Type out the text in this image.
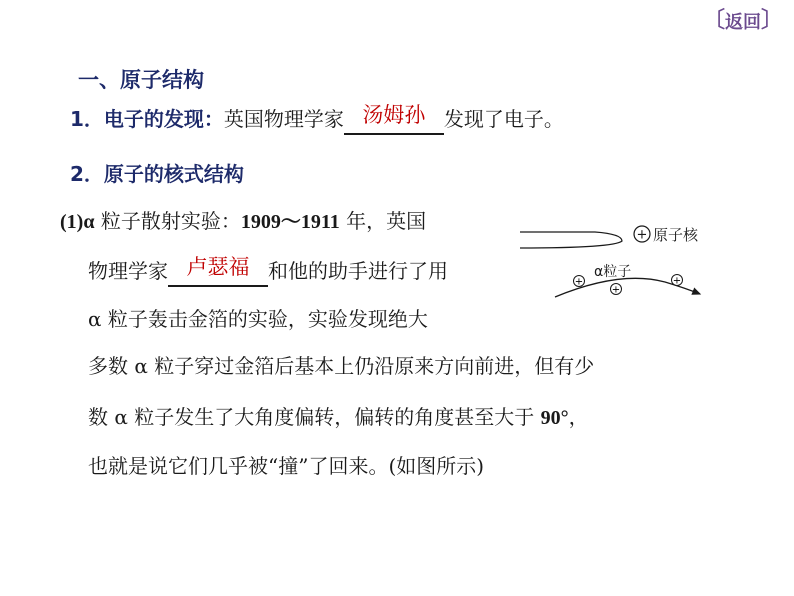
〔 返回 〕
一、原子结构
1．电子的发现：英国物理学家 汤姆孙 发现了电子。
2．原子的核式结构
(1)α 粒子散射实验：1909～1911 年，英国
物理学家 卢瑟福 和他的助手进行了用
α 粒子轰击金箔的实验，实验发现绝大
多数 α 粒子穿过金箔后基本上仍沿原来方向前进，但有少
数 α 粒子发生了大角度偏转，偏转的角度甚至大于 90°，
也就是说它们几乎被“撞”了回来。(如图所示)
+ 原子核
+
+
+
α粒子
